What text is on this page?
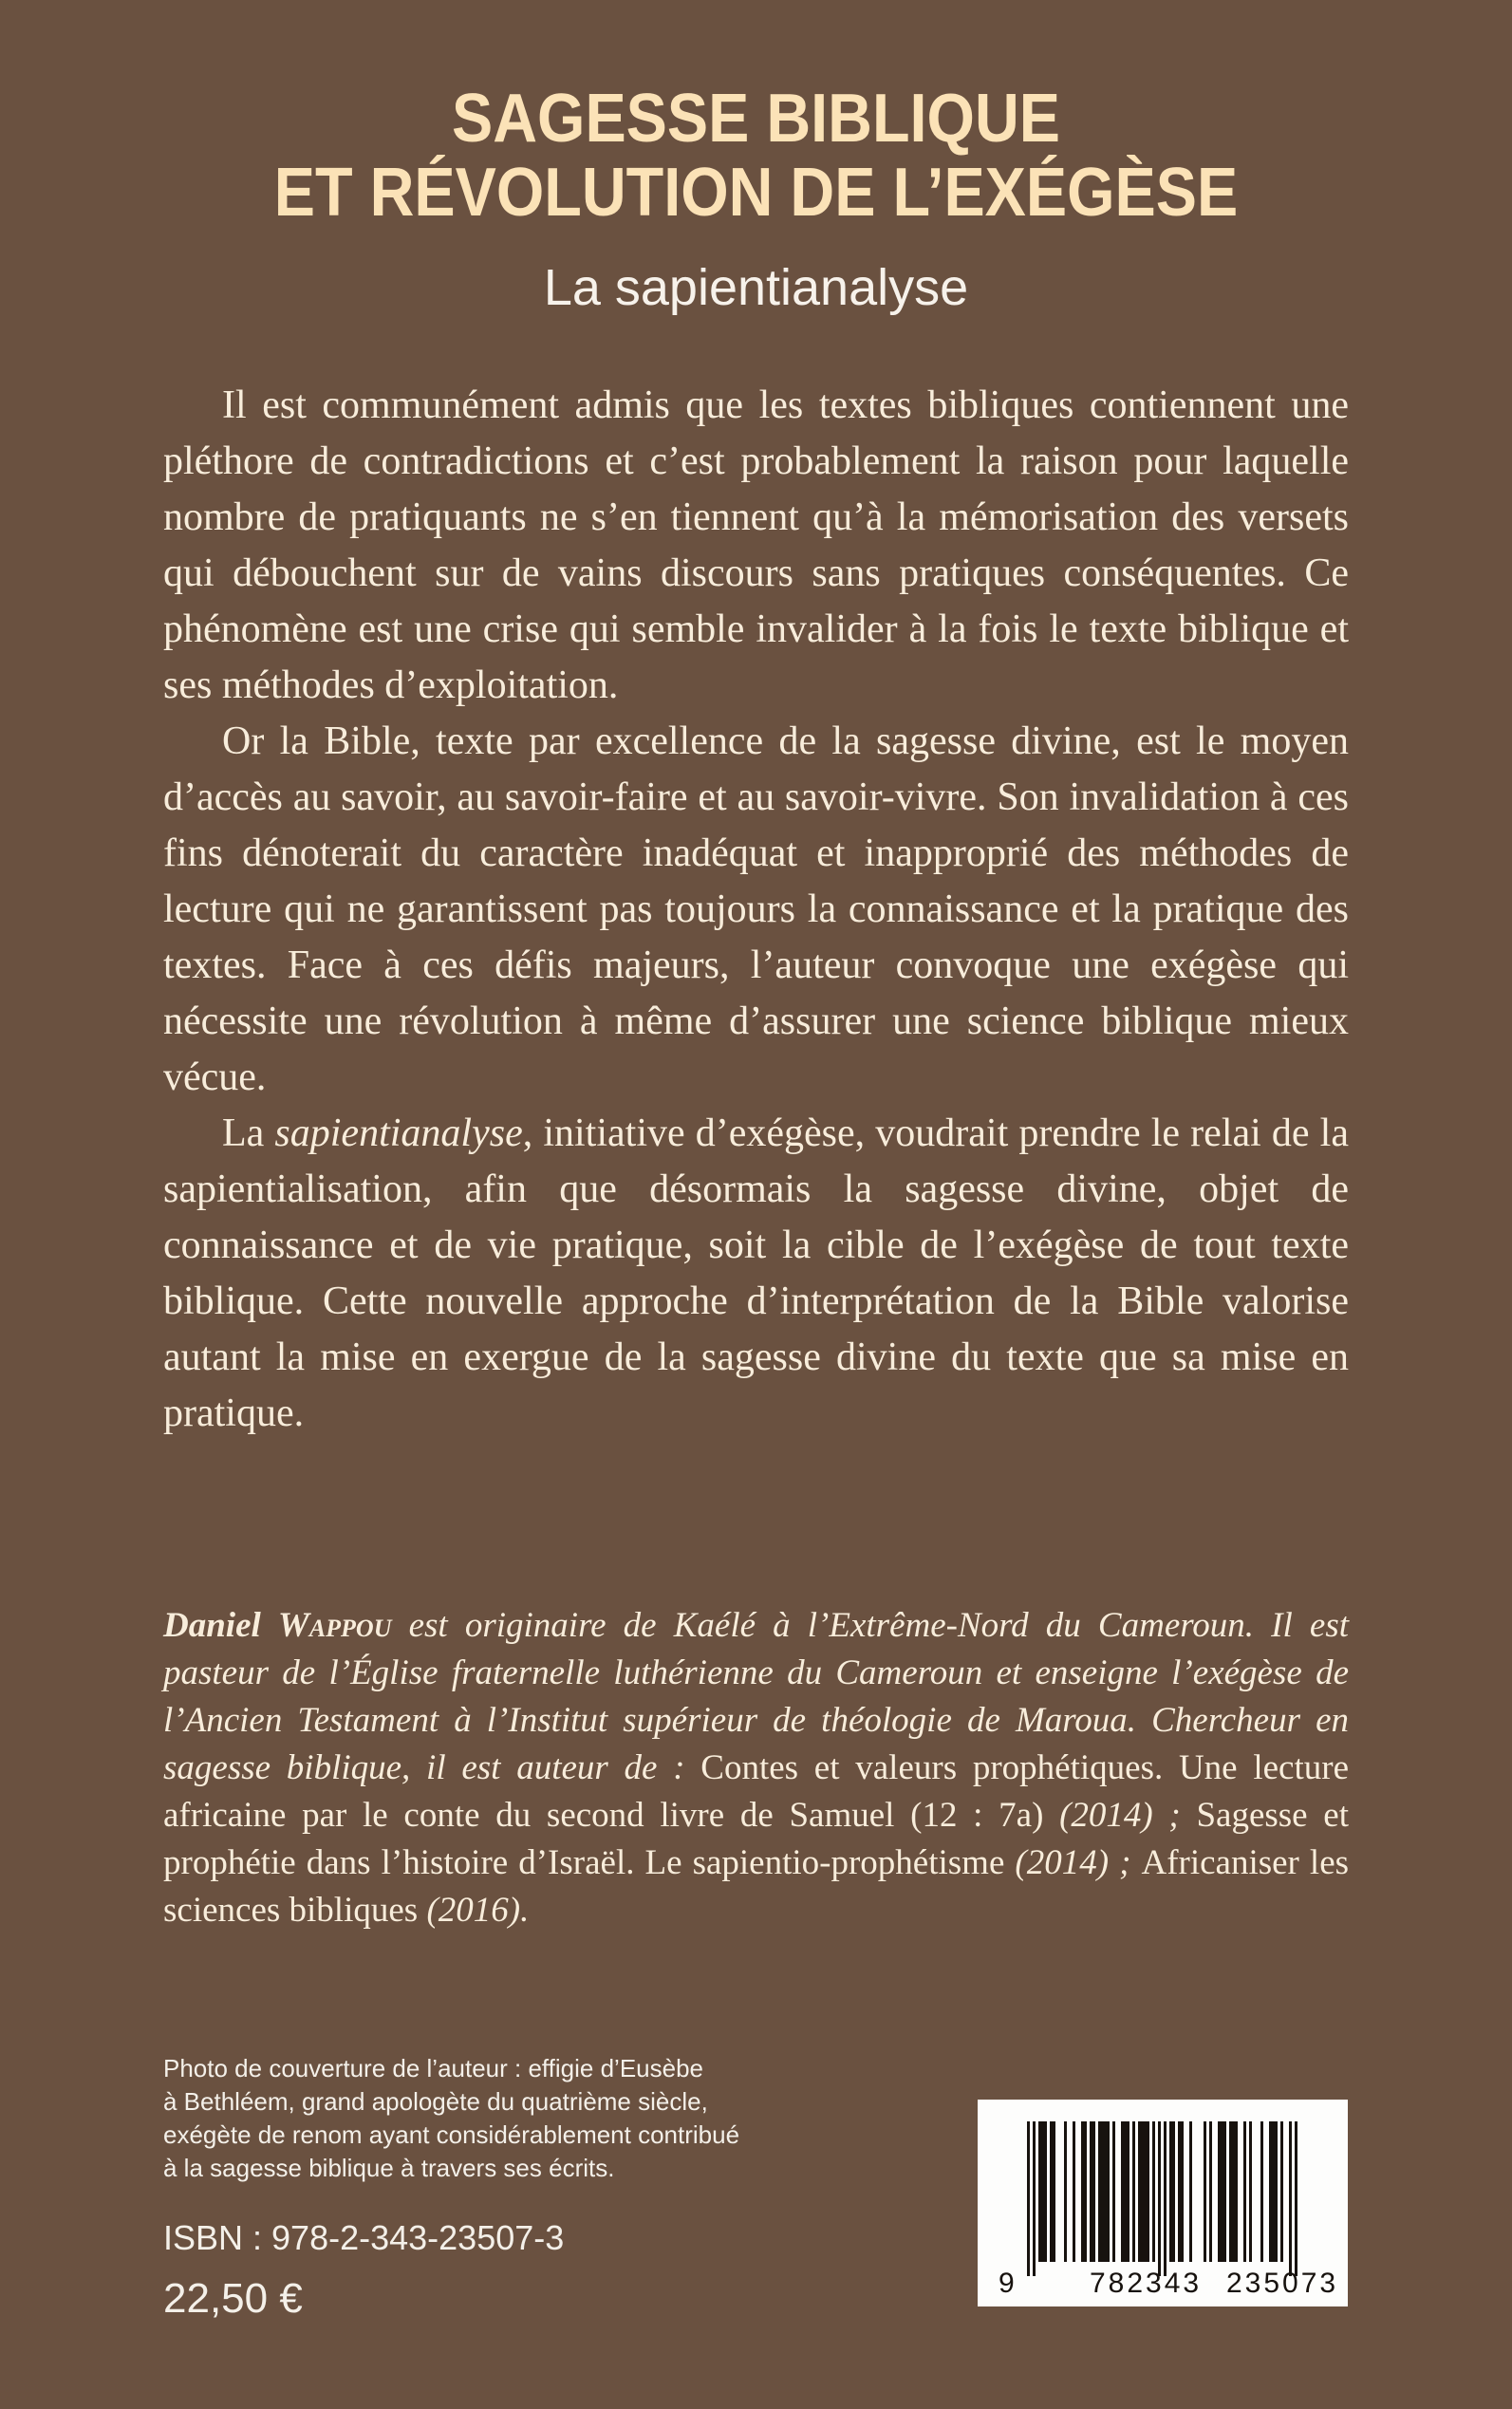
SAGESSE BIBLIQUE
ET RÉVOLUTION DE L’EXÉGÈSE
La sapientianalyse

Il est communément admis que les textes bibliques contiennent une pléthore de contradictions et c’est probablement la raison pour laquelle nombre de pratiquants ne s’en tiennent qu’à la mémorisation des versets qui débouchent sur de vains discours sans pratiques conséquentes. Ce phénomène est une crise qui semble invalider à la fois le texte biblique et ses méthodes d’exploitation.

Or la Bible, texte par excellence de la sagesse divine, est le moyen d’accès au savoir, au savoir-faire et au savoir-vivre. Son invalidation à ces fins dénoterait du caractère inadéquat et inapproprié des méthodes de lecture qui ne garantissent pas toujours la connaissance et la pratique des textes. Face à ces défis majeurs, l’auteur convoque une exégèse qui nécessite une révolution à même d’assurer une science biblique mieux vécue.

La sapientianalyse, initiative d’exégèse, voudrait prendre le relai de la sapientialisation, afin que désormais la sagesse divine, objet de connaissance et de vie pratique, soit la cible de l’exégèse de tout texte biblique. Cette nouvelle approche d’interprétation de la Bible valorise autant la mise en exergue de la sagesse divine du texte que sa mise en pratique.

Daniel Wappou est originaire de Kaélé à l’Extrême-Nord du Cameroun. Il est pasteur de l’Église fraternelle luthérienne du Cameroun et enseigne l’exégèse de l’Ancien Testament à l’Institut supérieur de théologie de Maroua. Chercheur en sagesse biblique, il est auteur de : Contes et valeurs prophétiques. Une lecture africaine par le conte du second livre de Samuel (12 : 7a) (2014) ; Sagesse et prophétie dans l’histoire d’Israël. Le sapientio-prophétisme (2014) ; Africaniser les sciences bibliques (2016).
Photo de couverture de l’auteur : effigie d’Eusèbe
à Bethléem, grand apologète du quatrième siècle,
exégète de renom ayant considérablement contribué
à la sagesse biblique à travers ses écrits.
ISBN : 978-2-343-23507-3
22,50 €	9	782343 235073
